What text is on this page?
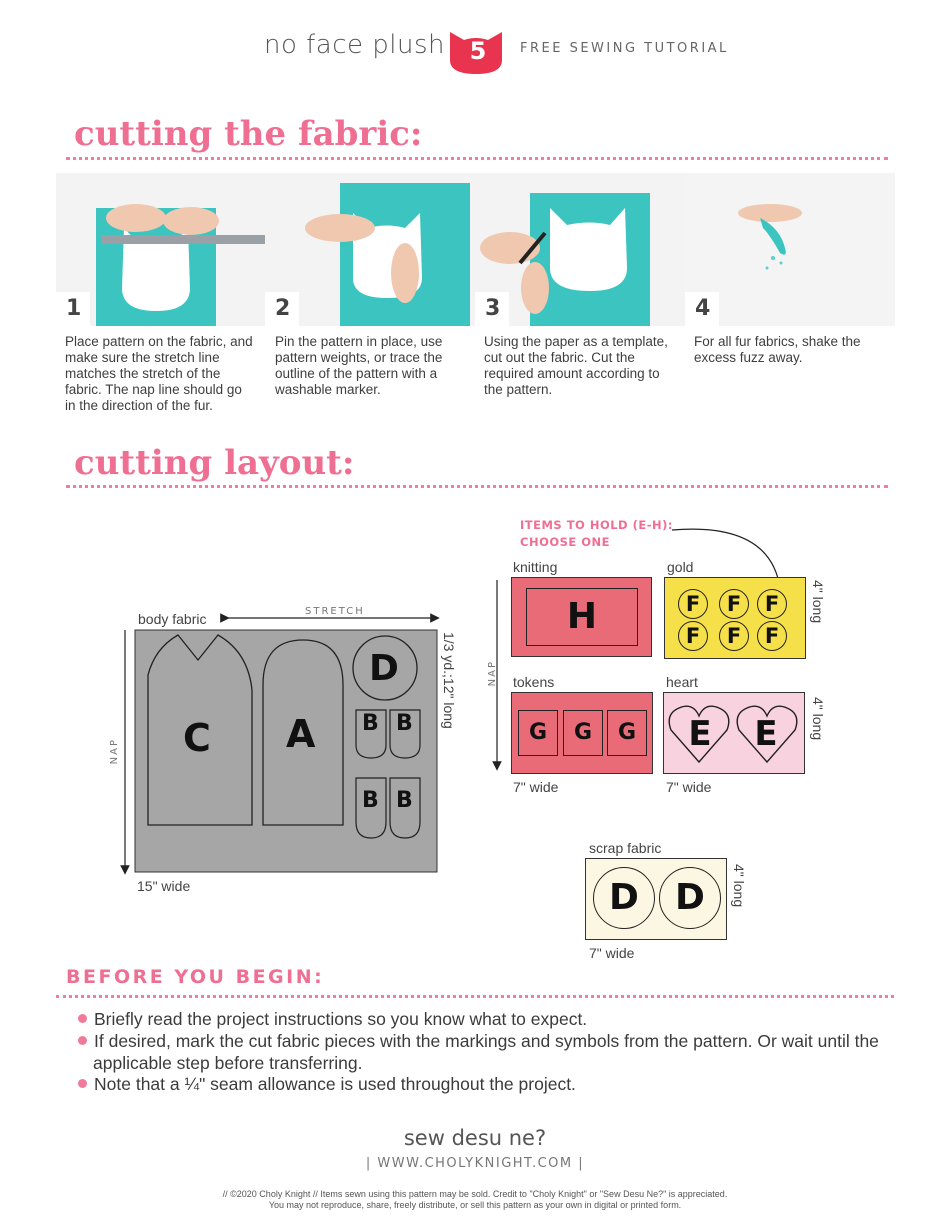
no face plush	5	FREE SEWING TUTORIAL
cutting the fabric:
1	2	3	4
Place pattern on the fabric, and make sure the stretch line matches the stretch of the fabric. The nap line should go in the direction of the fur.
Pin the pattern in place, use pattern weights, or trace the outline of the pattern with a washable marker.
Using the paper as a template, cut out the fabric. Cut the required amount according to the pattern.
For all fur fabrics, shake the excess fuzz away.
cutting layout:
body fabric	STRETCH
NAP C A
D
B B
B B
1/3 yd.;12" long
15" wide
ITEMS TO HOLD (E-H):
CHOOSE ONE
NAP
knitting
H
gold
F	F	F
F	F	F
4" long
tokens
G	G	G
7" wide
heart
E E 4" long
7" wide
scrap fabric
D	D	4" long
7" wide
BEFORE YOU BEGIN:
Briefly read the project instructions so you know what to expect.
If desired, mark the cut fabric pieces with the markings and symbols from the pattern. Or wait until the applicable step before transferring.
Note that a ¼" seam allowance is used throughout the project.
sew desu ne?
| WWW.CHOLYKNIGHT.COM |
// ©2020 Choly Knight // Items sewn using this pattern may be sold. Credit to "Choly Knight" or "Sew Desu Ne?" is appreciated.
You may not reproduce, share, freely distribute, or sell this pattern as your own in digital or printed form.
